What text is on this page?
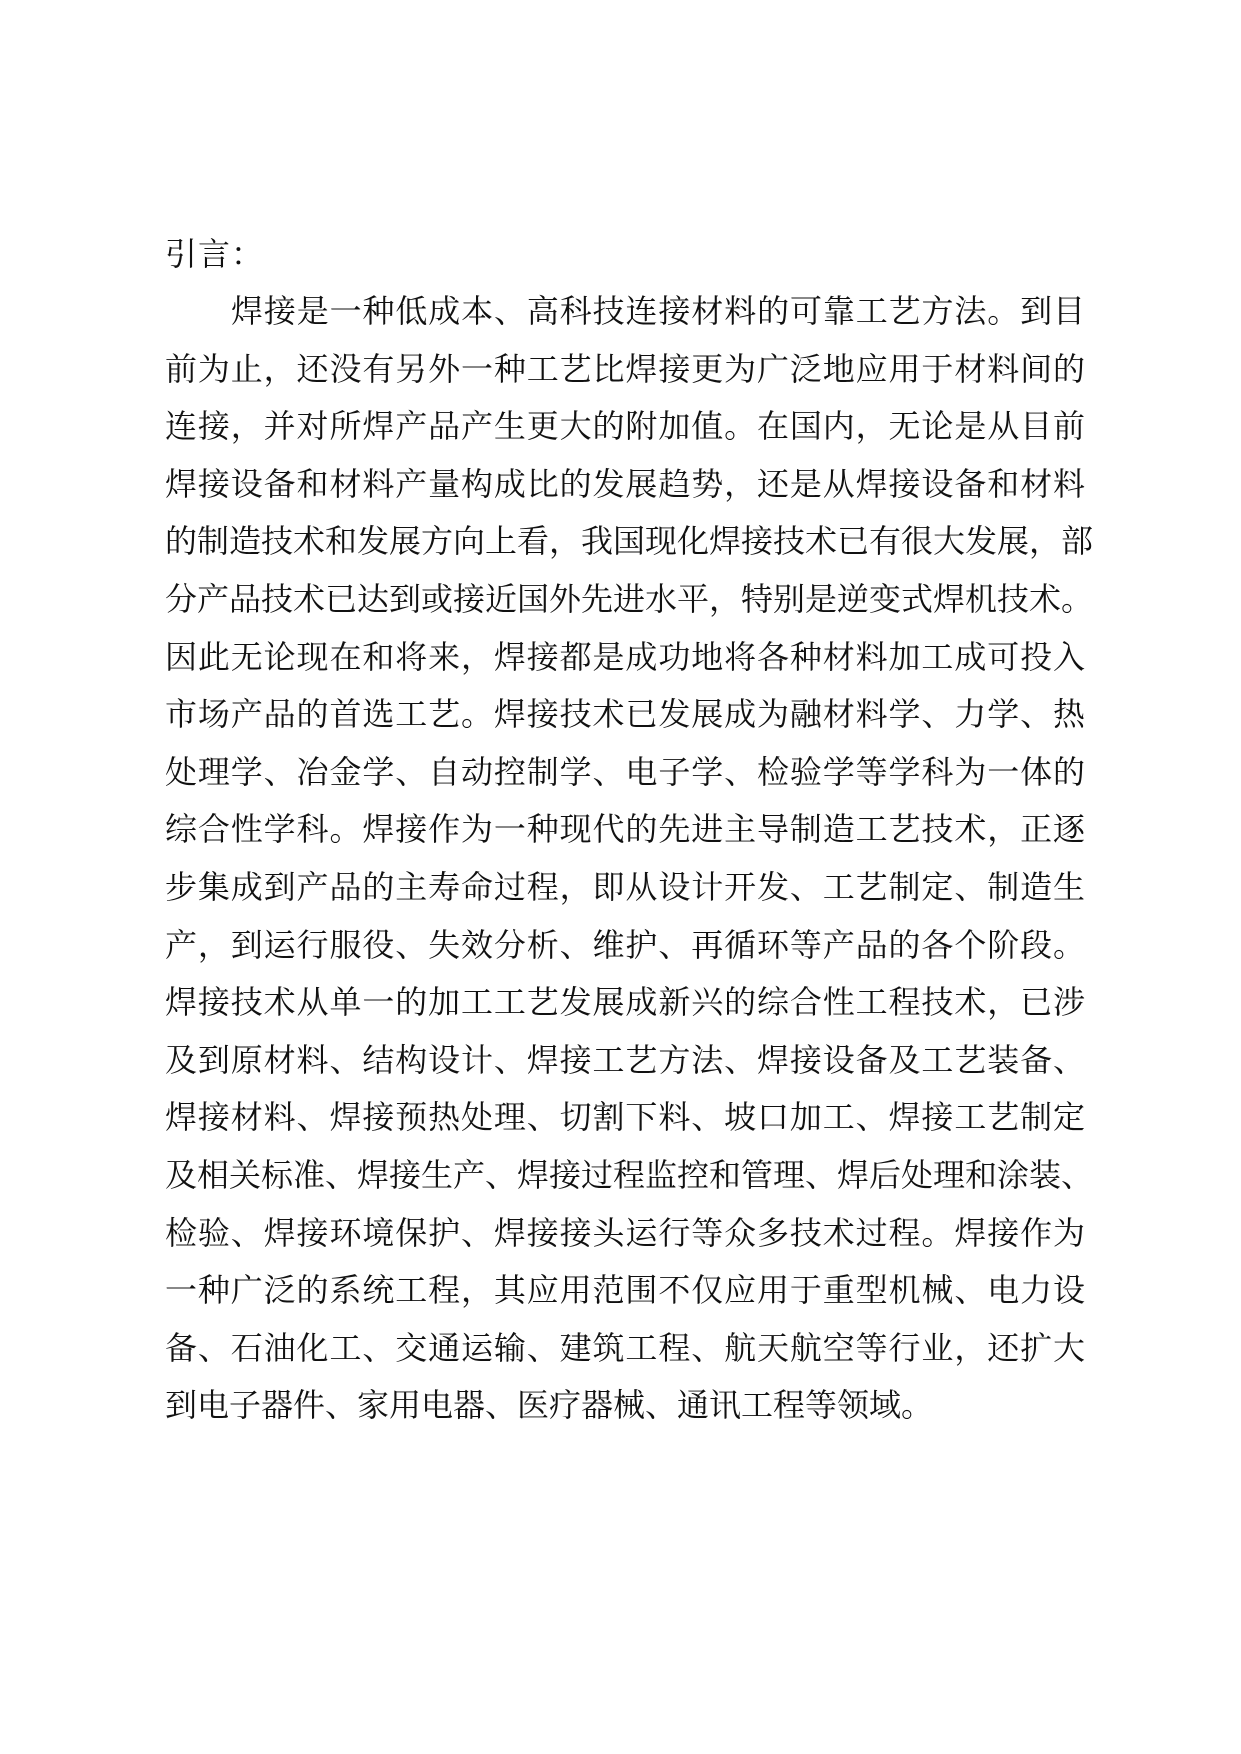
引言：
焊接是一种低成本、高科技连接材料的可靠工艺方法。到目
前为止，还没有另外一种工艺比焊接更为广泛地应用于材料间的
连接，并对所焊产品产生更大的附加值。在国内，无论是从目前
焊接设备和材料产量构成比的发展趋势，还是从焊接设备和材料
的制造技术和发展方向上看，我国现化焊接技术已有很大发展，部
分产品技术已达到或接近国外先进水平，特别是逆变式焊机技术。
因此无论现在和将来，焊接都是成功地将各种材料加工成可投入
市场产品的首选工艺。焊接技术已发展成为融材料学、力学、热
处理学、冶金学、自动控制学、电子学、检验学等学科为一体的
综合性学科。焊接作为一种现代的先进主导制造工艺技术，正逐
步集成到产品的主寿命过程，即从设计开发、工艺制定、制造生
产，到运行服役、失效分析、维护、再循环等产品的各个阶段。
焊接技术从单一的加工工艺发展成新兴的综合性工程技术，已涉
及到原材料、结构设计、焊接工艺方法、焊接设备及工艺装备、
焊接材料、焊接预热处理、切割下料、坡口加工、焊接工艺制定
及相关标准、焊接生产、焊接过程监控和管理、焊后处理和涂装、
检验、焊接环境保护、焊接接头运行等众多技术过程。焊接作为
一种广泛的系统工程，其应用范围不仅应用于重型机械、电力设
备、石油化工、交通运输、建筑工程、航天航空等行业，还扩大
到电子器件、家用电器、医疗器械、通讯工程等领域。
